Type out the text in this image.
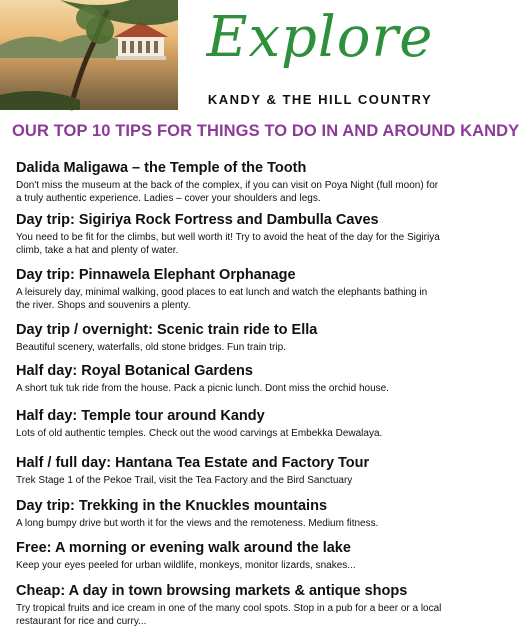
Explore
KANDY & THE HILL COUNTRY
OUR TOP 10 TIPS FOR THINGS TO DO IN AND AROUND KANDY
Dalida Maligawa – the Temple of the Tooth
Don't miss the museum at the back of the complex, if you can visit on Poya Night (full moon) for a truly authentic experience. Ladies – cover your shoulders and legs.
Day trip: Sigiriya Rock Fortress and Dambulla Caves
You need to be fit for the climbs, but well worth it! Try to avoid the heat of the day for the Sigiriya climb, take a hat and plenty of water.
Day trip: Pinnawela Elephant Orphanage
A leisurely day, minimal walking, good places to eat lunch and watch the elephants bathing in the river. Shops and souvenirs a plenty.
Day trip / overnight: Scenic train ride to Ella
Beautiful scenery, waterfalls, old stone bridges. Fun train trip.
Half day: Royal Botanical Gardens
A short tuk tuk ride from the house. Pack a picnic lunch. Dont miss the orchid house.
Half day: Temple tour around Kandy
Lots of old authentic temples. Check out the wood carvings at Embekka Dewalaya.
Half / full day: Hantana Tea Estate and Factory Tour
Trek Stage 1 of the Pekoe Trail, visit the Tea Factory and the Bird Sanctuary
Day trip: Trekking in the Knuckles mountains
A long bumpy drive but worth it for the views and the remoteness. Medium fitness.
Free: A morning or evening walk around the lake
Keep your eyes peeled for urban wildlife, monkeys, monitor lizards, snakes...
Cheap: A day in town browsing markets & antique shops
Try tropical fruits and ice cream in one of the many cool spots. Stop in a pub for a beer or a local restaurant for rice and curry...
